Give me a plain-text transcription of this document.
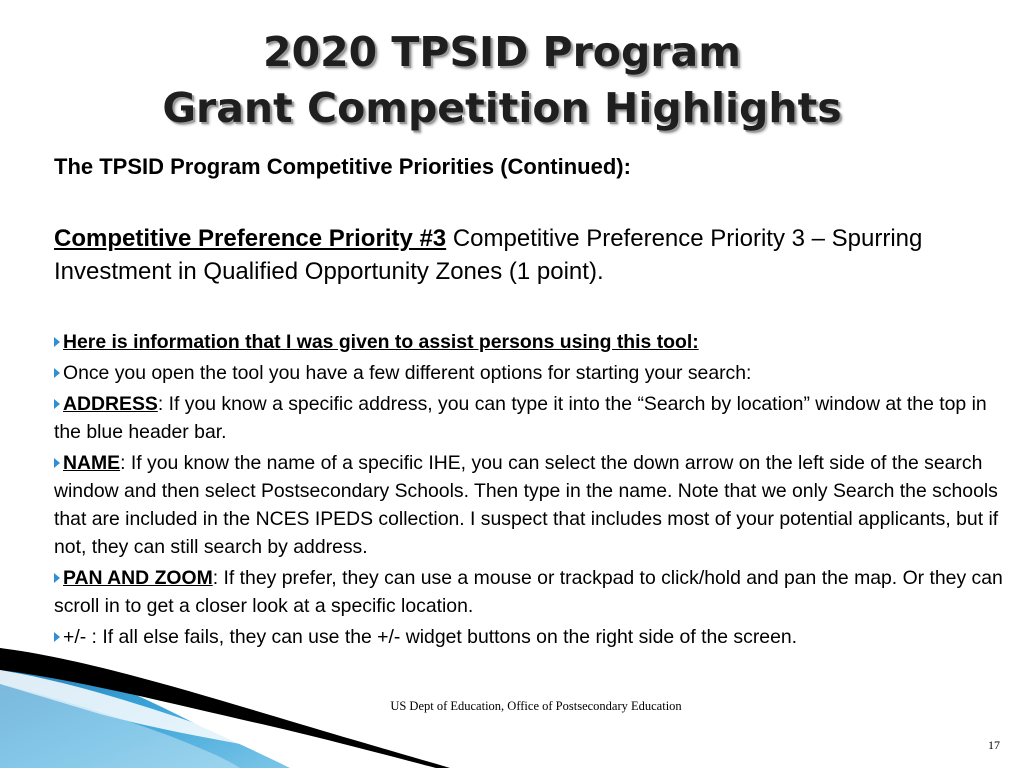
2020 TPSID Program
Grant Competition Highlights
The TPSID Program Competitive Priorities (Continued):
Competitive Preference Priority #3 Competitive Preference Priority 3 – Spurring Investment in Qualified Opportunity Zones (1 point).
Here is information that I was given to assist persons using this tool:
Once you open the tool you have a few different options for starting your search:
ADDRESS: If you know a specific address, you can type it into the “Search by location” window at the top in the blue header bar.
NAME: If you know the name of a specific IHE, you can select the down arrow on the left side of the search window and then select Postsecondary Schools. Then type in the name. Note that we only Search the schools that are included in the NCES IPEDS collection. I suspect that includes most of your potential applicants, but if not, they can still search by address.
PAN AND ZOOM: If they prefer, they can use a mouse or trackpad to click/hold and pan the map. Or they can scroll in to get a closer look at a specific location.
+/- : If all else fails, they can use the +/- widget buttons on the right side of the screen.
US Dept of Education, Office of Postsecondary Education
17
